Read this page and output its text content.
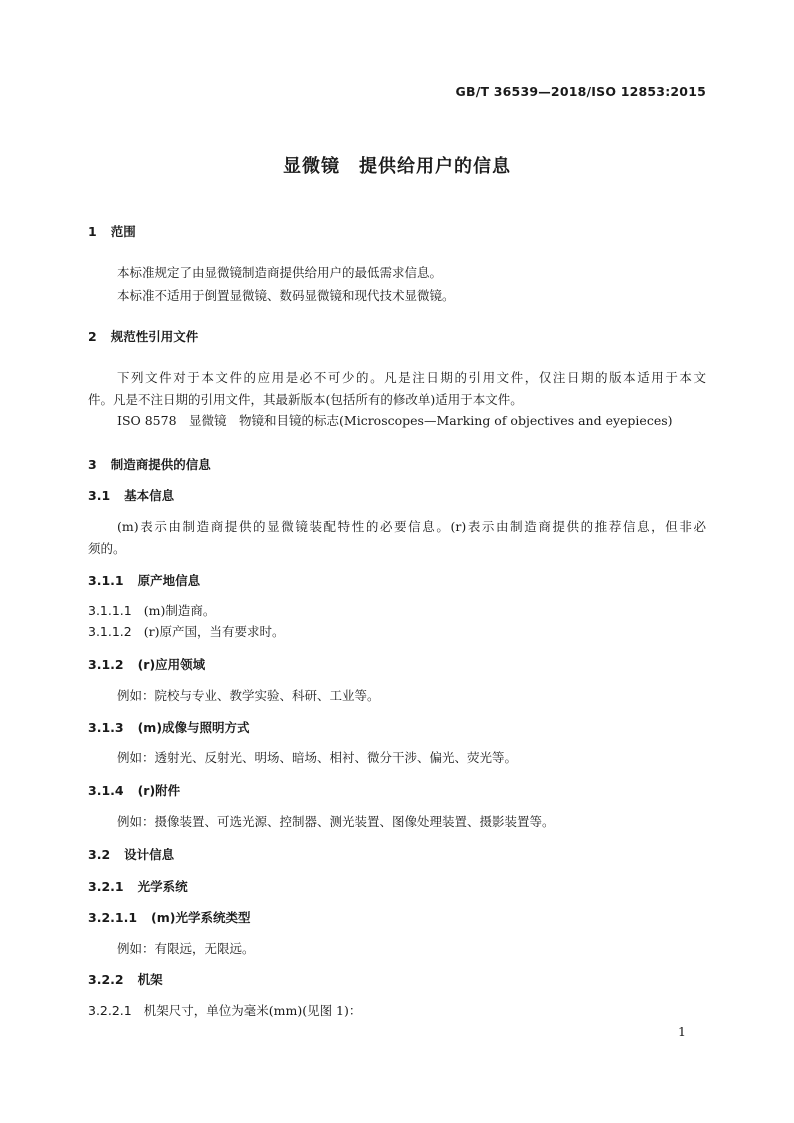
GB/T 36539—2018/ISO 12853:2015
显微镜　提供给用户的信息
1 范围
本标准规定了由显微镜制造商提供给用户的最低需求信息。
本标准不适用于倒置显微镜、数码显微镜和现代技术显微镜。
2 规范性引用文件
下列文件对于本文件的应用是必不可少的。凡是注日期的引用文件，仅注日期的版本适用于本文
件。凡是不注日期的引用文件，其最新版本(包括所有的修改单)适用于本文件。
ISO 8578　显微镜　物镜和目镜的标志(Microscopes—Marking of objectives and eyepieces)
3 制造商提供的信息
3.1 基本信息
(m)表示由制造商提供的显微镜装配特性的必要信息。(r)表示由制造商提供的推荐信息，但非必
须的。
3.1.1 原产地信息
3.1.1.1 (m)制造商。
3.1.1.2 (r)原产国，当有要求时。
3.1.2 (r)应用领域
例如：院校与专业、教学实验、科研、工业等。
3.1.3 (m)成像与照明方式
例如：透射光、反射光、明场、暗场、相衬、微分干涉、偏光、荧光等。
3.1.4 (r)附件
例如：摄像装置、可选光源、控制器、测光装置、图像处理装置、摄影装置等。
3.2 设计信息
3.2.1 光学系统
3.2.1.1 (m)光学系统类型
例如：有限远，无限远。
3.2.2 机架
3.2.2.1 机架尺寸，单位为毫米(mm)(见图 1)：
1
